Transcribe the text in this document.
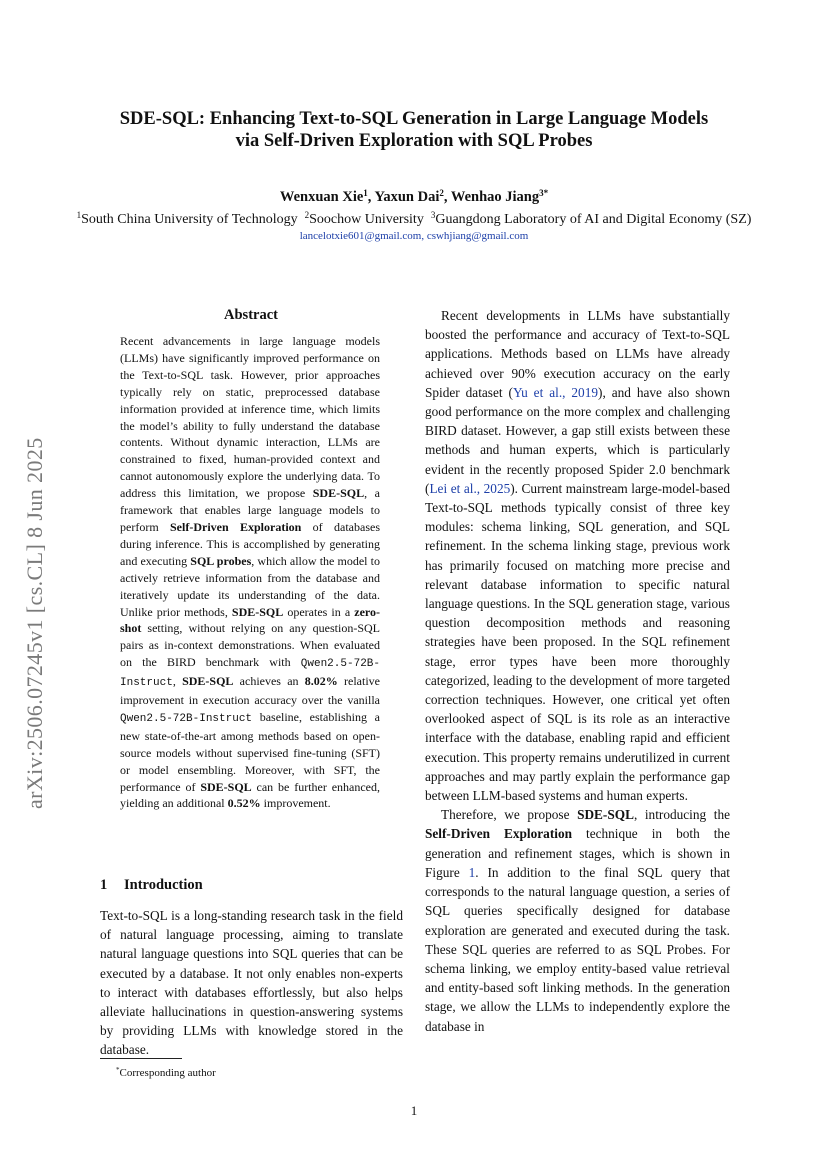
arXiv:2506.07245v1 [cs.CL] 8 Jun 2025
SDE-SQL: Enhancing Text-to-SQL Generation in Large Language Models
via Self-Driven Exploration with SQL Probes
Wenxuan Xie$^1$, Yaxun Dai$^2$, Wenhao Jiang$^{3*}$
$^1$South China University of Technology $^2$Soochow University $^3$Guangdong Laboratory of AI and Digital Economy (SZ)
lancelotxie601@gmail.com, cswhjiang@gmail.com
Abstract
Recent advancements in large language models (LLMs) have significantly improved performance on the Text-to-SQL task. However, prior approaches typically rely on static, preprocessed database information provided at inference time, which limits the model’s ability to fully understand the database contents. Without dynamic interaction, LLMs are constrained to fixed, human-provided context and cannot autonomously explore the underlying data. To address this limitation, we propose SDE-SQL, a framework that enables large language models to perform Self-Driven Exploration of databases during inference. This is accomplished by generating and executing SQL probes, which allow the model to actively retrieve information from the database and iteratively update its understanding of the data. Unlike prior methods, SDE-SQL operates in a zero-shot setting, without relying on any question-SQL pairs as in-context demonstrations. When evaluated on the BIRD benchmark with Qwen2.5-72B-Instruct, SDE-SQL achieves an 8.02% relative improvement in execution accuracy over the vanilla Qwen2.5-72B-Instruct baseline, establishing a new state-of-the-art among methods based on open-source models without supervised fine-tuning (SFT) or model ensembling. Moreover, with SFT, the performance of SDE-SQL can be further enhanced, yielding an additional 0.52% improvement.
1 Introduction
Text-to-SQL is a long-standing research task in the field of natural language processing, aiming to translate natural language questions into SQL queries that can be executed by a database. It not only enables non-experts to interact with databases effortlessly, but also helps alleviate hallucinations in question-answering systems by providing LLMs with knowledge stored in the database.

Recent developments in LLMs have substantially boosted the performance and accuracy of Text-to-SQL applications. Methods based on LLMs have already achieved over 90% execution accuracy on the early Spider dataset (Yu et al., 2019), and have also shown good performance on the more complex and challenging BIRD dataset. However, a gap still exists between these methods and human experts, which is particularly evident in the recently proposed Spider 2.0 benchmark (Lei et al., 2025). Current mainstream large-model-based Text-to-SQL methods typically consist of three key modules: schema linking, SQL generation, and SQL refinement. In the schema linking stage, previous work has primarily focused on matching more precise and relevant database information to specific natural language questions. In the SQL generation stage, various question decomposition methods and reasoning strategies have been proposed. In the SQL refinement stage, error types have been more thoroughly categorized, leading to the development of more targeted correction techniques. However, one critical yet often overlooked aspect of SQL is its role as an interactive interface with the database, enabling rapid and efficient execution. This property remains underutilized in current approaches and may partly explain the performance gap between LLM-based systems and human experts.

Therefore, we propose SDE-SQL, introducing the Self-Driven Exploration technique in both the generation and refinement stages, which is shown in Figure 1. In addition to the final SQL query that corresponds to the natural language question, a series of SQL queries specifically designed for database exploration are generated and executed during the task. These SQL queries are referred to as SQL Probes. For schema linking, we employ entity-based value retrieval and entity-based soft linking methods. In the generation stage, we allow the LLMs to independently explore the database in

*Corresponding author
1
